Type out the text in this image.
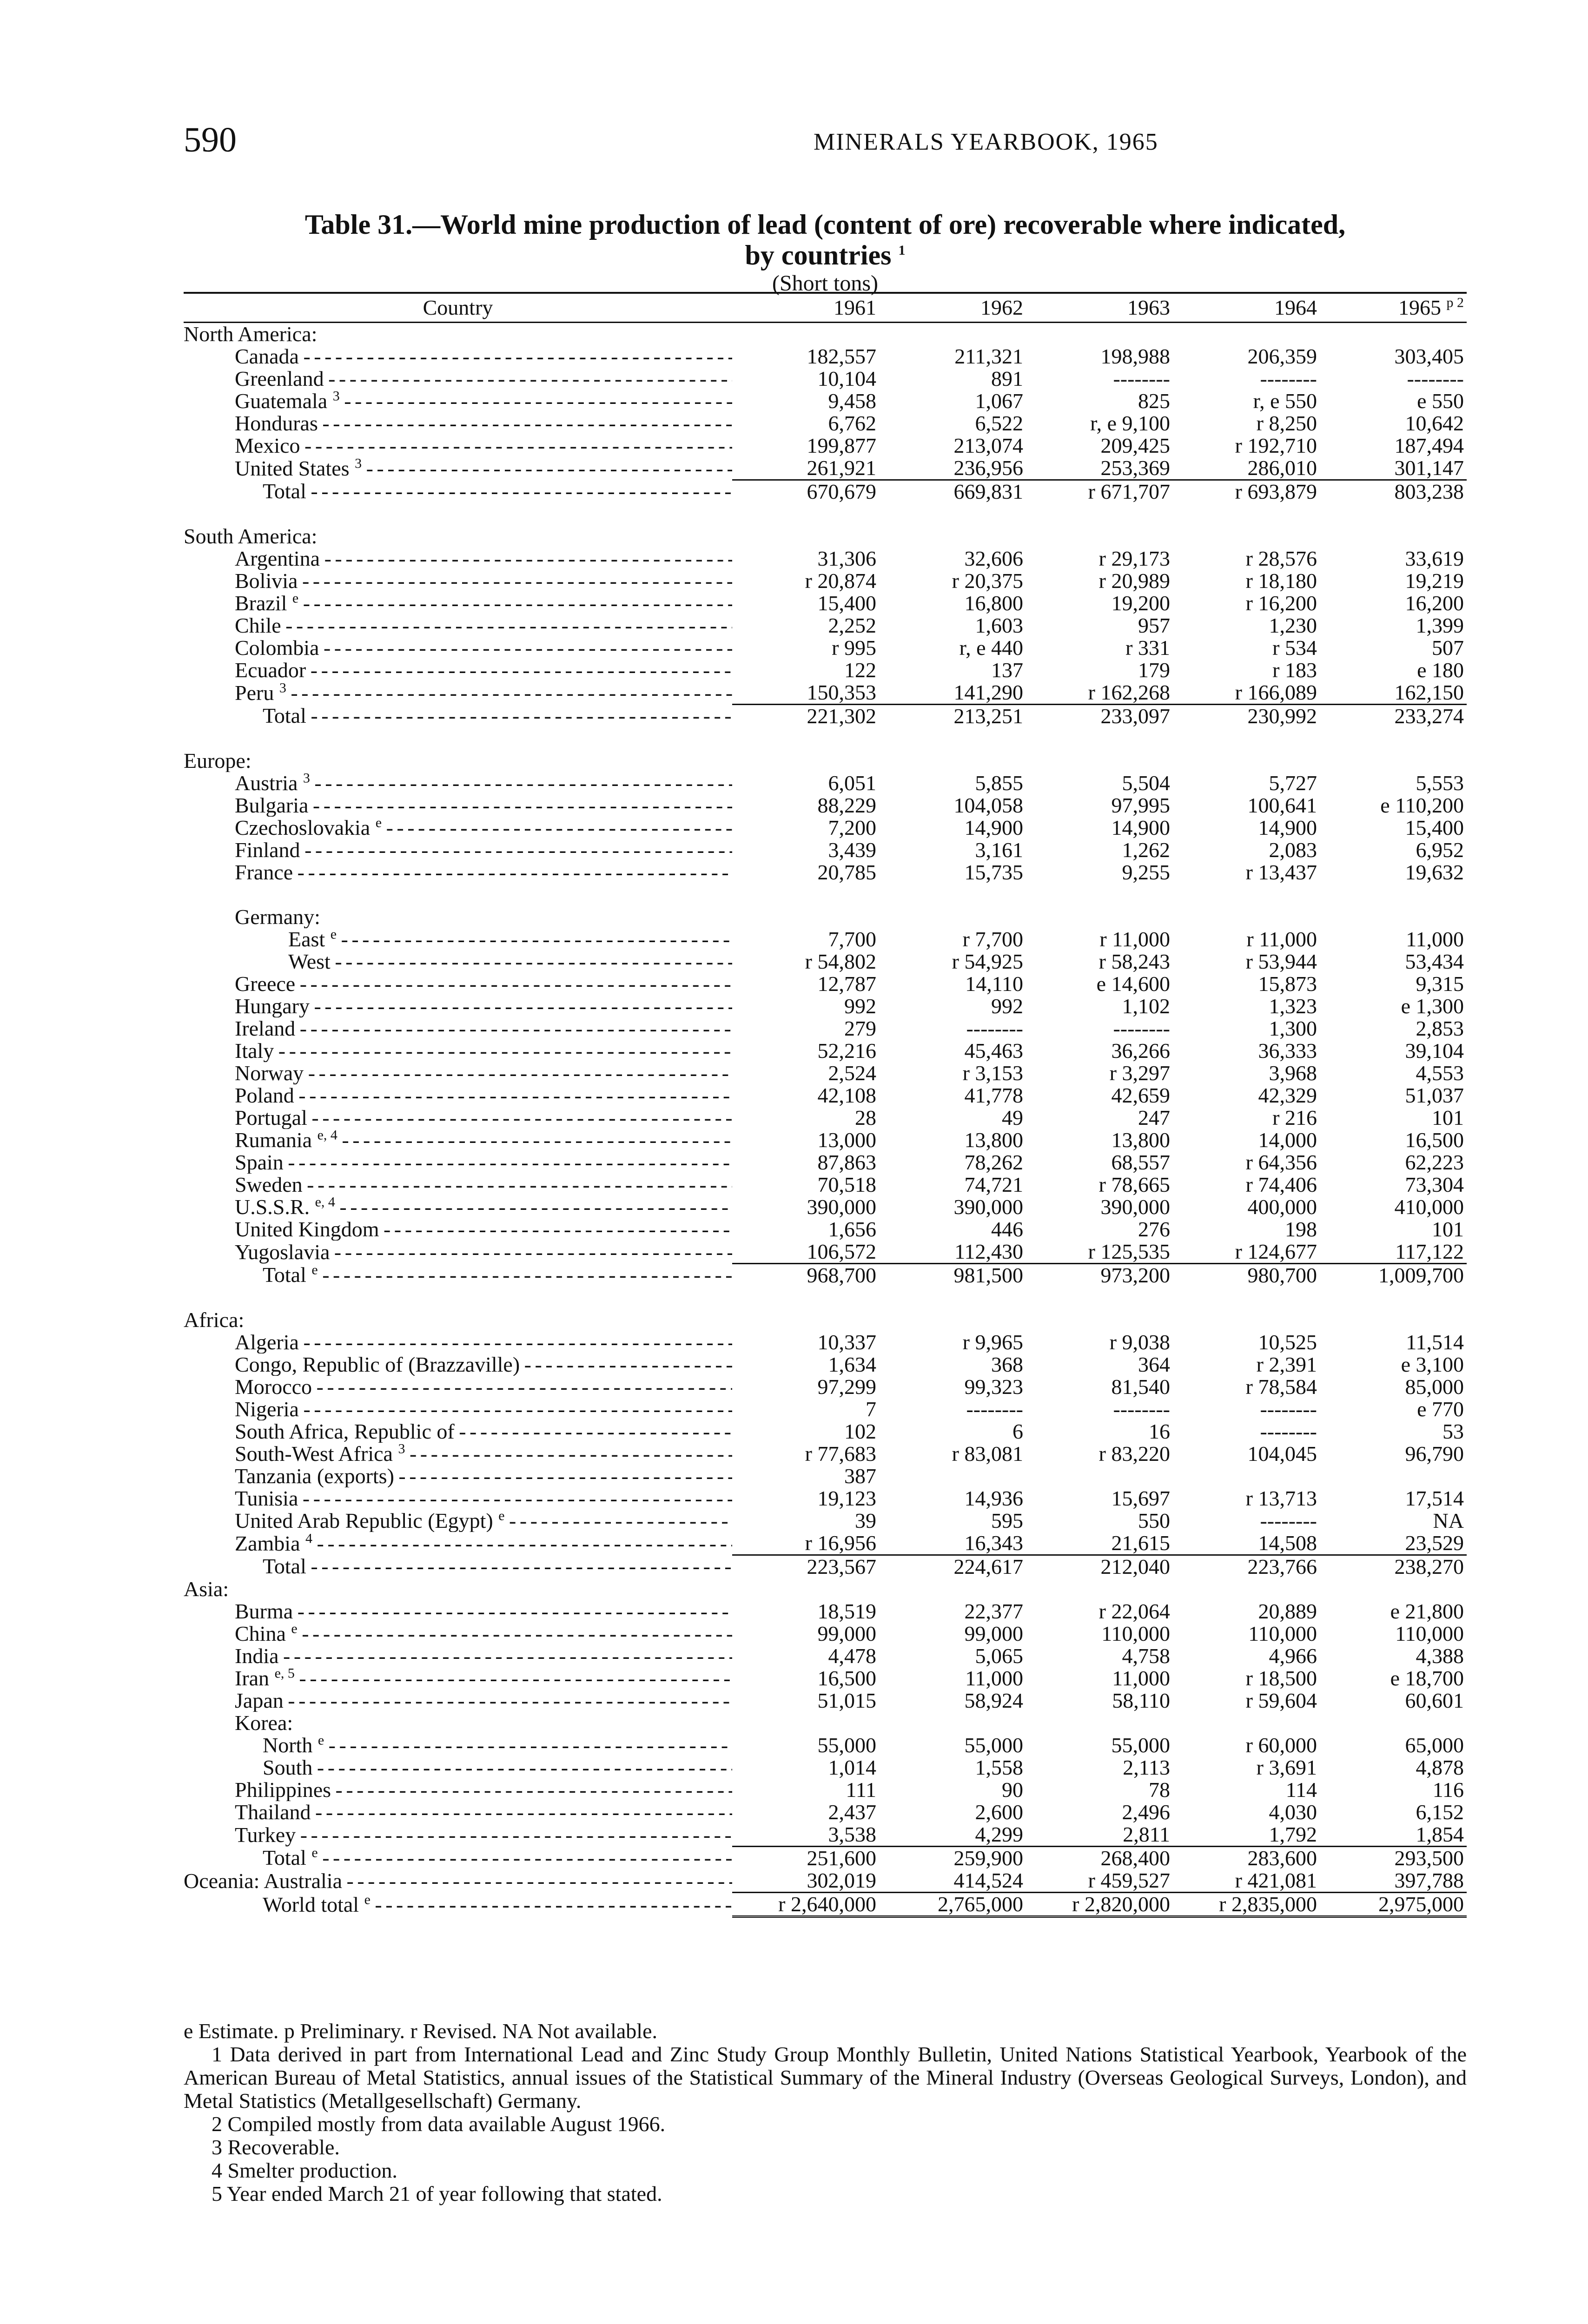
590	MINERALS YEARBOOK, 1965
Table 31.—World mine production of lead (content of ore) recoverable where indicated,
by countries $^1$
(Short tons)
Country	1961	1962	1963	1964	1965 $^{p 2}$
North America:					
Canada - - -	182,557	211,321	198,988	206,359	303,405
Greenland - - -	10,104	891	--------	--------	--------
Guatemala $^3$ - - -	9,458	1,067	825	r, e 550	e 550
Honduras - - -	6,762	6,522	r, e 9,100	r 8,250	10,642
Mexico - - -	199,877	213,074	209,425	r 192,710	187,494
United States $^3$ - - -	261,921	236,956	253,369	286,010	301,147
Total - - -	670,679	669,831	r 671,707	r 693,879	803,238

South America:					
Argentina - - -	31,306	32,606	r 29,173	r 28,576	33,619
Bolivia - - -	r 20,874	r 20,375	r 20,989	r 18,180	19,219
Brazil $^e$ - - -	15,400	16,800	19,200	r 16,200	16,200
Chile - - -	2,252	1,603	957	1,230	1,399
Colombia - - -	r 995	r, e 440	r 331	r 534	507
Ecuador - - -	122	137	179	r 183	e 180
Peru $^3$ - - -	150,353	141,290	r 162,268	r 166,089	162,150
Total - - -	221,302	213,251	233,097	230,992	233,274

Europe:					
Austria $^3$ - - -	6,051	5,855	5,504	5,727	5,553
Bulgaria - - -	88,229	104,058	97,995	100,641	e 110,200
Czechoslovakia $^e$ - - -	7,200	14,900	14,900	14,900	15,400
Finland - - -	3,439	3,161	1,262	2,083	6,952
France - - -	20,785	15,735	9,255	r 13,437	19,632

Germany:					
East $^e$ - - -	7,700	r 7,700	r 11,000	r 11,000	11,000
West - - -	r 54,802	r 54,925	r 58,243	r 53,944	53,434
Greece - - -	12,787	14,110	e 14,600	15,873	9,315
Hungary - - -	992	992	1,102	1,323	e 1,300
Ireland - - -	279	--------	--------	1,300	2,853
Italy - - -	52,216	45,463	36,266	36,333	39,104
Norway - - -	2,524	r 3,153	r 3,297	3,968	4,553
Poland - - -	42,108	41,778	42,659	42,329	51,037
Portugal - - -	28	49	247	r 216	101
Rumania $^{e, 4}$ - - -	13,000	13,800	13,800	14,000	16,500
Spain - - -	87,863	78,262	68,557	r 64,356	62,223
Sweden - - -	70,518	74,721	r 78,665	r 74,406	73,304
U.S.S.R. $^{e, 4}$ - - -	390,000	390,000	390,000	400,000	410,000
United Kingdom - - -	1,656	446	276	198	101
Yugoslavia - - -	106,572	112,430	r 125,535	r 124,677	117,122
Total $^e$ - - -	968,700	981,500	973,200	980,700	1,009,700

Africa:					
Algeria - - -	10,337	r 9,965	r 9,038	10,525	11,514
Congo, Republic of (Brazzaville) - - -	1,634	368	364	r 2,391	e 3,100
Morocco - - -	97,299	99,323	81,540	r 78,584	85,000
Nigeria - - -	7	--------	--------	--------	e 770
South Africa, Republic of - - -	102	6	16	--------	53
South-West Africa $^3$ - - -	r 77,683	r 83,081	r 83,220	104,045	96,790
Tanzania (exports) - - -	387				
Tunisia - - -	19,123	14,936	15,697	r 13,713	17,514
United Arab Republic (Egypt) $^e$ - - -	39	595	550	--------	NA
Zambia $^4$ - - -	r 16,956	16,343	21,615	14,508	23,529
Total - - -	223,567	224,617	212,040	223,766	238,270
Asia:					
Burma - - -	18,519	22,377	r 22,064	20,889	e 21,800
China $^e$ - - -	99,000	99,000	110,000	110,000	110,000
India - - -	4,478	5,065	4,758	4,966	4,388
Iran $^{e, 5}$ - - -	16,500	11,000	11,000	r 18,500	e 18,700
Japan - - -	51,015	58,924	58,110	r 59,604	60,601
Korea:					
North $^e$ - - -	55,000	55,000	55,000	r 60,000	65,000
South - - -	1,014	1,558	2,113	r 3,691	4,878
Philippines - - -	111	90	78	114	116
Thailand - - -	2,437	2,600	2,496	4,030	6,152
Turkey - - -	3,538	4,299	2,811	1,792	1,854
Total $^e$ - - -	251,600	259,900	268,400	283,600	293,500
Oceania: Australia - - -	302,019	414,524	r 459,527	r 421,081	397,788
World total $^e$ - - -	r 2,640,000	2,765,000	r 2,820,000	r 2,835,000	2,975,000

e Estimate. p Preliminary. r Revised. NA Not available.

1 Data derived in part from International Lead and Zinc Study Group Monthly Bulletin, United Nations Statistical Yearbook, Yearbook of the American Bureau of Metal Statistics, annual issues of the Statistical Summary of the Mineral Industry (Overseas Geological Surveys, London), and Metal Statistics (Metallgesellschaft) Germany.

2 Compiled mostly from data available August 1966.

3 Recoverable.

4 Smelter production.

5 Year ended March 21 of year following that stated.
